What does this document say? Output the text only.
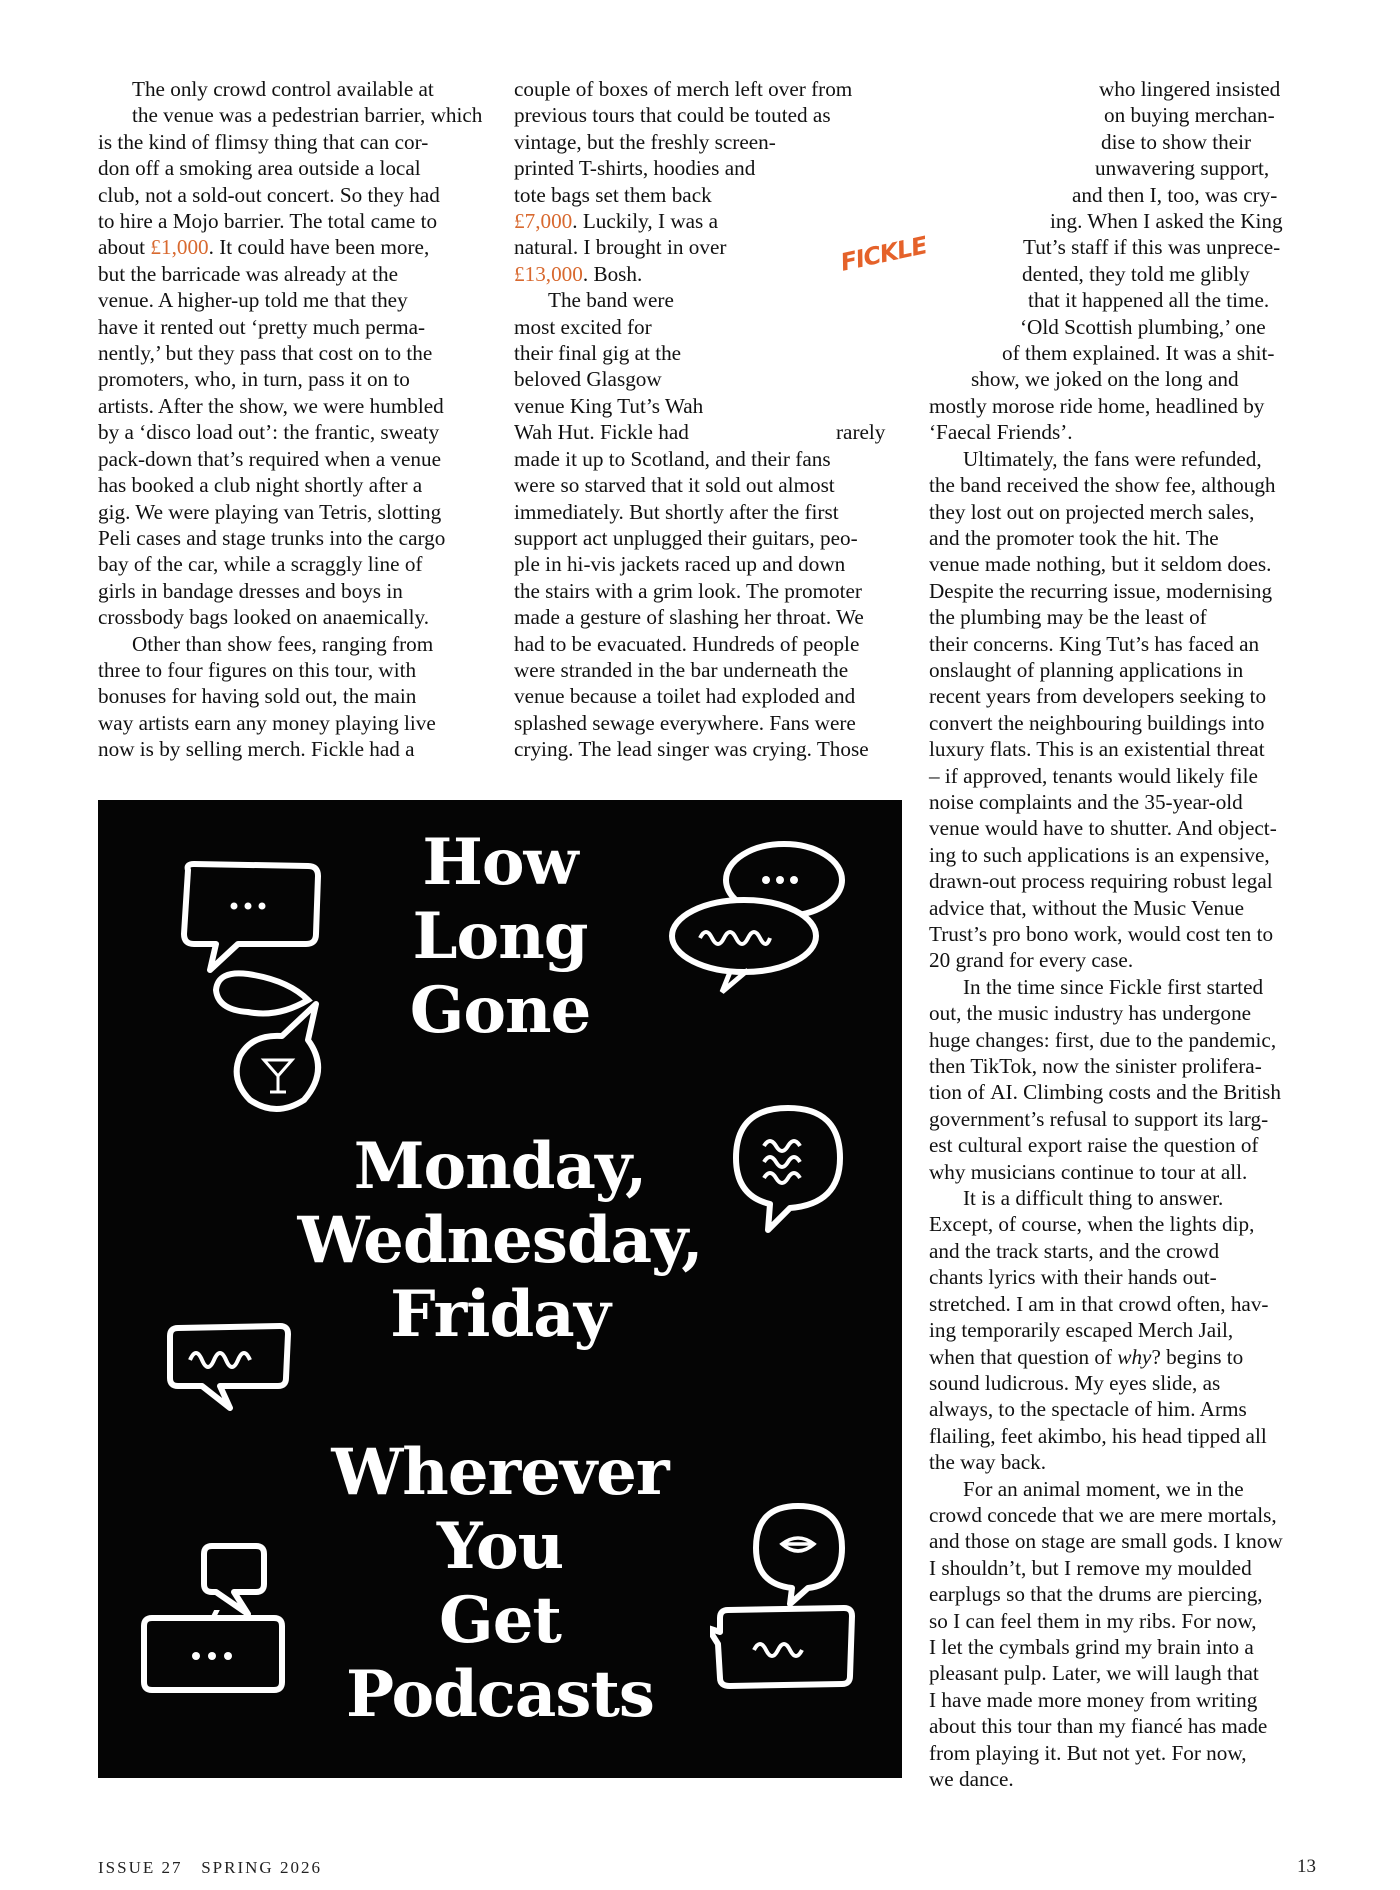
The only crowd control available at
the venue was a pedestrian barrier, which
is the kind of flimsy thing that can cor-
don off a smoking area outside a local
club, not a sold-out concert. So they had
to hire a Mojo barrier. The total came to
about £1,000. It could have been more,
but the barricade was already at the
venue. A higher-up told me that they
have it rented out ‘pretty much perma-
nently,’ but they pass that cost on to the
promoters, who, in turn, pass it on to
artists. After the show, we were humbled
by a ‘disco load out’: the frantic, sweaty
pack-down that’s required when a venue
has booked a club night shortly after a
gig. We were playing van Tetris, slotting
Peli cases and stage trunks into the cargo
bay of the car, while a scraggly line of
girls in bandage dresses and boys in
crossbody bags looked on anaemically.

Other than show fees, ranging from
three to four figures on this tour, with
bonuses for having sold out, the main
way artists earn any money playing live
now is by selling merch. Fickle had a

couple of boxes of merch left over from
previous tours that could be touted as
vintage, but the freshly screen-
printed T-shirts, hoodies and
tote bags set them back
£7,000. Luckily, I was a
natural. I brought in over
£13,000. Bosh.

The band were
most excited for
their final gig at the
beloved Glasgow
venue King Tut’s Wah
Wah Hut. Fickle had	rarely
made it up to Scotland, and their fans
were so starved that it sold out almost
immediately. But shortly after the first
support act unplugged their guitars, peo-
ple in hi-vis jackets raced up and down
the stairs with a grim look. The promoter
made a gesture of slashing her throat. We
had to be evacuated. Hundreds of people
were stranded in the bar underneath the
venue because a toilet had exploded and
splashed sewage everywhere. Fans were
crying. The lead singer was crying. Those

FICKLE

who lingered insisted
on buying merchan-
dise to show their
unwavering support,
and then I, too, was cry-
ing. When I asked the King
Tut’s staff if this was unprece-
dented, they told me glibly
that it happened all the time.
‘Old Scottish plumbing,’ one
of them explained. It was a shit-
show, we joked on the long and
mostly morose ride home, headlined by
‘Faecal Friends’.

Ultimately, the fans were refunded,
the band received the show fee, although
they lost out on projected merch sales,
and the promoter took the hit. The
venue made nothing, but it seldom does.
Despite the recurring issue, modernising
the plumbing may be the least of
their concerns. King Tut’s has faced an
onslaught of planning applications in
recent years from developers seeking to
convert the neighbouring buildings into
luxury flats. This is an existential threat
– if approved, tenants would likely file
noise complaints and the 35-year-old
venue would have to shutter. And object-
ing to such applications is an expensive,
drawn-out process requiring robust legal
advice that, without the Music Venue
Trust’s pro bono work, would cost ten to
20 grand for every case.

In the time since Fickle first started
out, the music industry has undergone
huge changes: first, due to the pandemic,
then TikTok, now the sinister prolifera-
tion of AI. Climbing costs and the British
government’s refusal to support its larg-
est cultural export raise the question of
why musicians continue to tour at all.

It is a difficult thing to answer.
Except, of course, when the lights dip,
and the track starts, and the crowd
chants lyrics with their hands out-
stretched. I am in that crowd often, hav-
ing temporarily escaped Merch Jail,
when that question of why? begins to
sound ludicrous. My eyes slide, as
always, to the spectacle of him. Arms
flailing, feet akimbo, his head tipped all
the way back.

For an animal moment, we in the
crowd concede that we are mere mortals,
and those on stage are small gods. I know
I shouldn’t, but I remove my moulded
earplugs so that the drums are piercing,
so I can feel them in my ribs. For now,
I let the cymbals grind my brain into a
pleasant pulp. Later, we will laugh that
I have made more money from writing
about this tour than my fiancé has made
from playing it. But not yet. For now,
we dance.

How
Long
Gone
Monday,
Wednesday,
Friday
Wherever
You
Get
Podcasts
ISSUE 27   SPRING 2026	13
